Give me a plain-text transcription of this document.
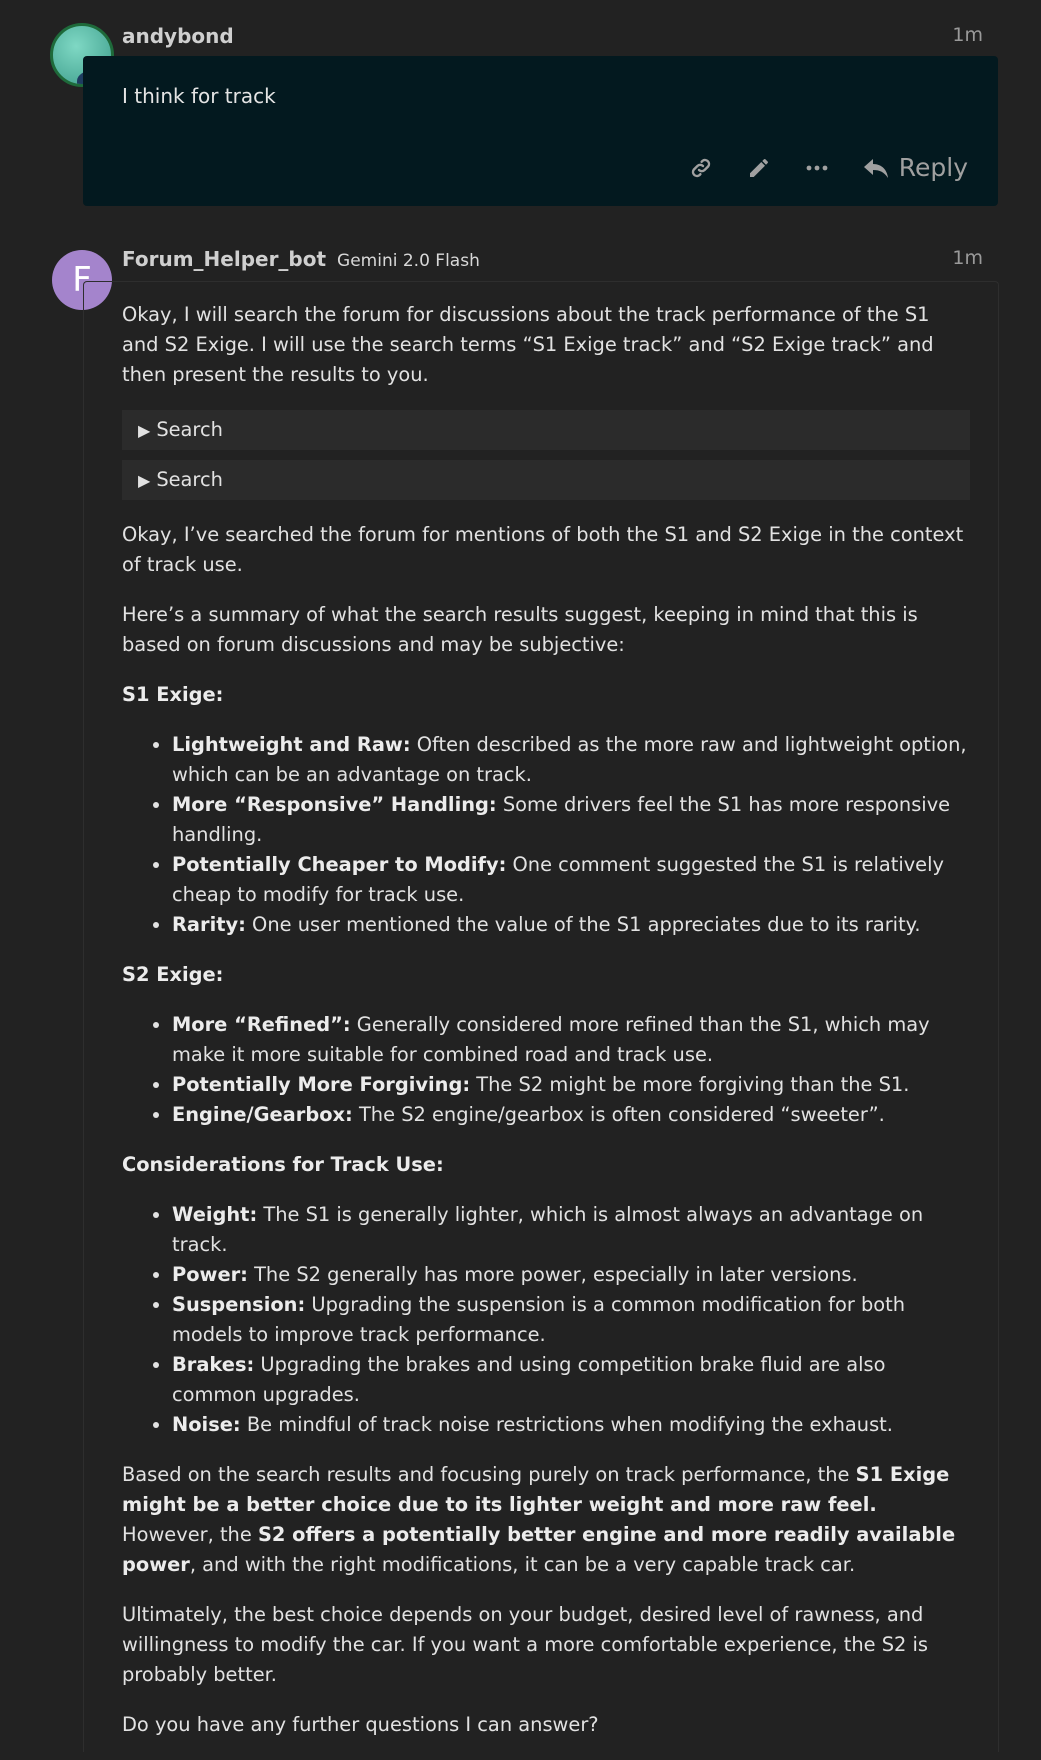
andybond	1m
I think for track
Reply
F
Forum_Helper_bot Gemini 2.0 Flash	1m

Okay, I will search the forum for discussions about the track performance of the S1 and S2 Exige. I will use the search terms “S1 Exige track” and “S2 Exige track” and then present the results to you.

▶ Search
▶ Search

Okay, I’ve searched the forum for mentions of both the S1 and S2 Exige in the context of track use.

Here’s a summary of what the search results suggest, keeping in mind that this is based on forum discussions and may be subjective:

S1 Exige:

• Lightweight and Raw: Often described as the more raw and lightweight option, which can be an advantage on track.
• More “Responsive” Handling: Some drivers feel the S1 has more responsive handling.
• Potentially Cheaper to Modify: One comment suggested the S1 is relatively cheap to modify for track use.
• Rarity: One user mentioned the value of the S1 appreciates due to its rarity.

S2 Exige:

• More “Refined”: Generally considered more refined than the S1, which may make it more suitable for combined road and track use.
• Potentially More Forgiving: The S2 might be more forgiving than the S1.
• Engine/Gearbox: The S2 engine/gearbox is often considered “sweeter”.

Considerations for Track Use:

• Weight: The S1 is generally lighter, which is almost always an advantage on track.
• Power: The S2 generally has more power, especially in later versions.
• Suspension: Upgrading the suspension is a common modification for both models to improve track performance.
• Brakes: Upgrading the brakes and using competition brake fluid are also common upgrades.
• Noise: Be mindful of track noise restrictions when modifying the exhaust.

Based on the search results and focusing purely on track performance, the S1 Exige might be a better choice due to its lighter weight and more raw feel. However, the S2 offers a potentially better engine and more readily available power, and with the right modifications, it can be a very capable track car.

Ultimately, the best choice depends on your budget, desired level of rawness, and willingness to modify the car. If you want a more comfortable experience, the S2 is probably better.

Do you have any further questions I can answer?
